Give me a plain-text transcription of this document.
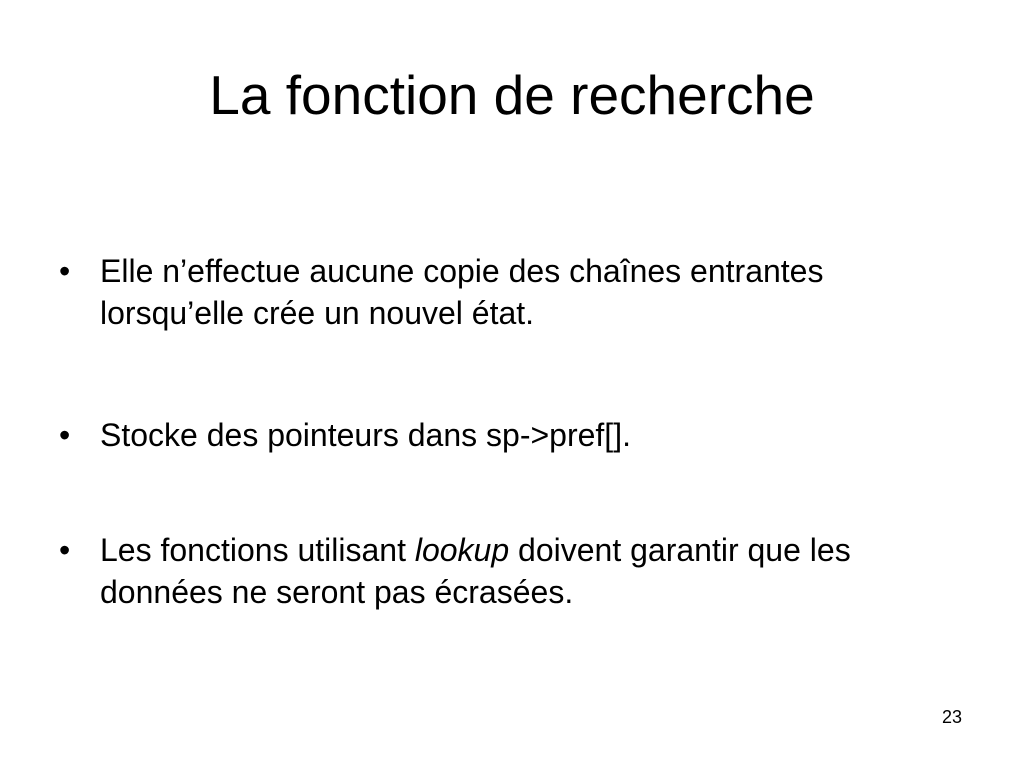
La fonction de recherche
• Elle n’effectue aucune copie des chaînes entrantes lorsqu’elle crée un nouvel état.
• Stocke des pointeurs dans sp->pref[].
• Les fonctions utilisant lookup doivent garantir que les données ne seront pas écrasées.
23
